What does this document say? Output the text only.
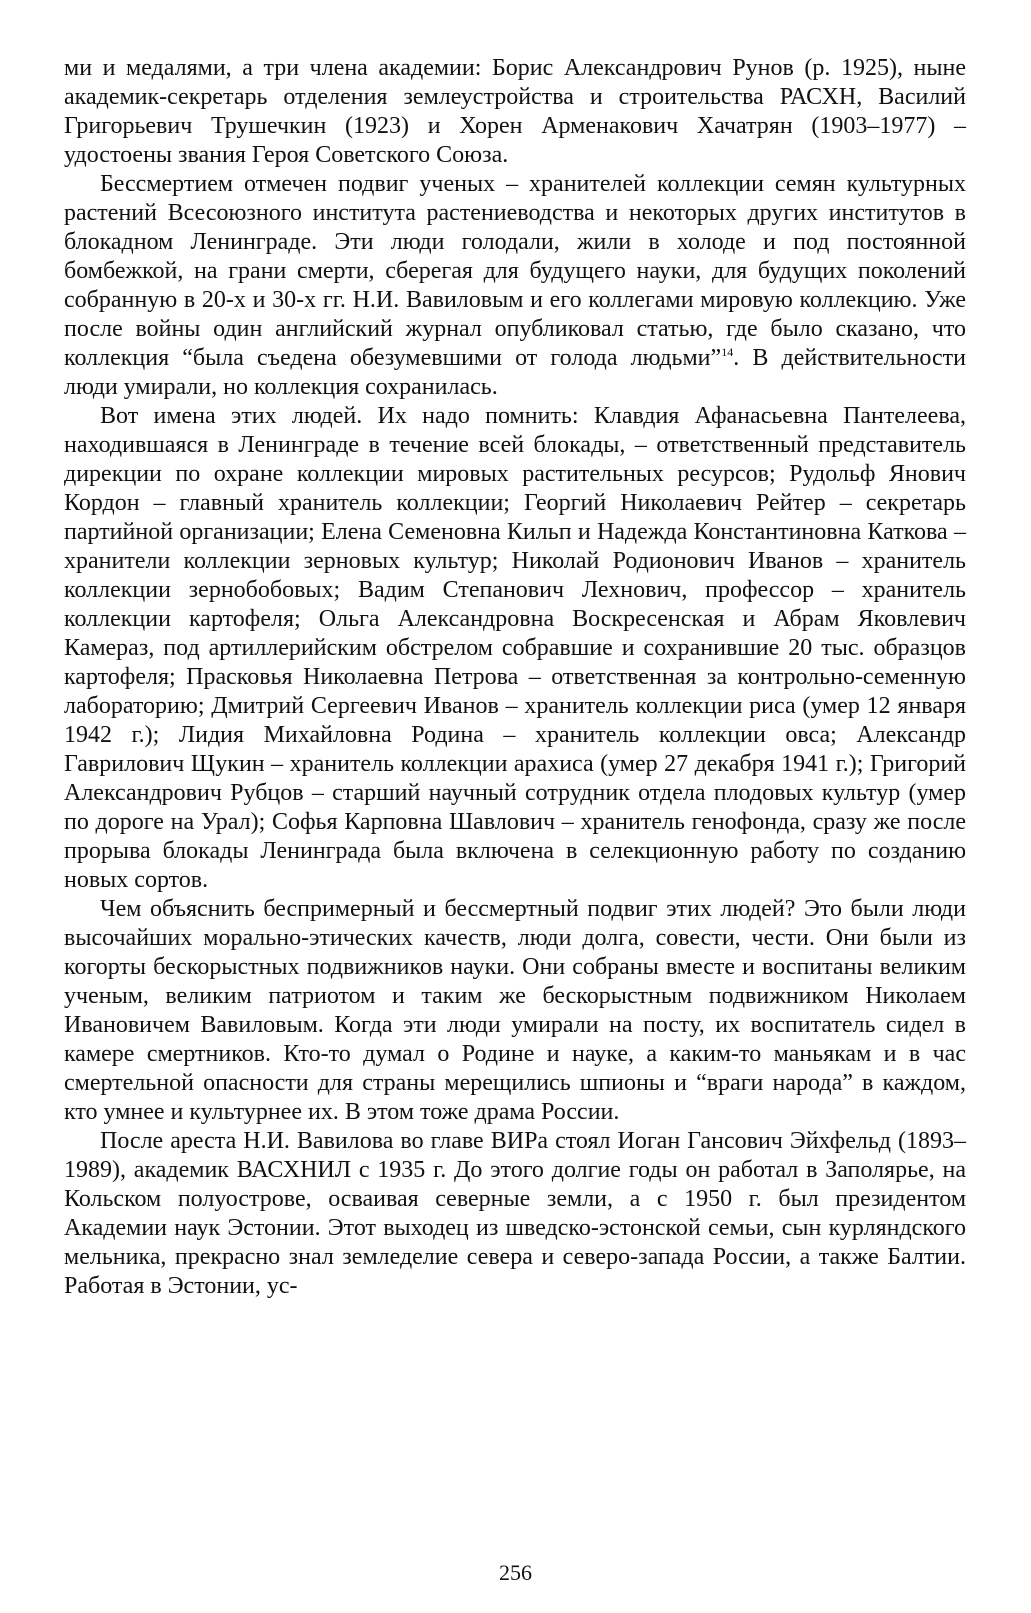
ми и медалями, а три члена академии: Борис Александрович Рунов (р. 1925), ныне академик-секретарь отделения землеустройства и строительства РАСХН, Василий Григорьевич Трушечкин (1923) и Хорен Арменакович Хачатрян (1903–1977) – удостоены звания Героя Советского Союза.

Бессмертием отмечен подвиг ученых – хранителей коллекции семян культурных растений Всесоюзного института растениеводства и некоторых других институтов в блокадном Ленинграде. Эти люди голодали, жили в холоде и под постоянной бомбежкой, на грани смерти, сберегая для будущего науки, для будущих поколений собранную в 20-х и 30-х гг. Н.И. Вавиловым и его коллегами мировую коллекцию. Уже после войны один английский журнал опубликовал статью, где было сказано, что коллекция “была съедена обезумевшими от голода людьми”$^{14}$. В действительности люди умирали, но коллекция сохранилась.

Вот имена этих людей. Их надо помнить: Клавдия Афанасьевна Пантелеева, находившаяся в Ленинграде в течение всей блокады, – ответственный представитель дирекции по охране коллекции мировых растительных ресурсов; Рудольф Янович Кордон – главный хранитель коллекции; Георгий Николаевич Рейтер – секретарь партийной организации; Елена Семеновна Кильп и Надежда Константиновна Каткова – хранители коллекции зерновых культур; Николай Родионович Иванов – хранитель коллекции зернобобовых; Вадим Степанович Лехнович, профессор – хранитель коллекции картофеля; Ольга Александровна Воскресенская и Абрам Яковлевич Камераз, под артиллерийским обстрелом собравшие и сохранившие 20 тыс. образцов картофеля; Прасковья Николаевна Петрова – ответственная за контрольно-семенную лабораторию; Дмитрий Сергеевич Иванов – хранитель коллекции риса (умер 12 января 1942 г.); Лидия Михайловна Родина – хранитель коллекции овса; Александр Гаврилович Щукин – хранитель коллекции арахиса (умер 27 декабря 1941 г.); Григорий Александрович Рубцов – старший научный сотрудник отдела плодовых культур (умер по дороге на Урал); Софья Карповна Шавлович – хранитель генофонда, сразу же после прорыва блокады Ленинграда была включена в селекционную работу по созданию новых сортов.

Чем объяснить беспримерный и бессмертный подвиг этих людей? Это были люди высочайших морально-этических качеств, люди долга, совести, чести. Они были из когорты бескорыстных подвижников науки. Они собраны вместе и воспитаны великим ученым, великим патриотом и таким же бескорыстным подвижником Николаем Ивановичем Вавиловым. Когда эти люди умирали на посту, их воспитатель сидел в камере смертников. Кто-то думал о Родине и науке, а каким-то маньякам и в час смертельной опасности для страны мерещились шпионы и “враги народа” в каждом, кто умнее и культурнее их. В этом тоже драма России.

После ареста Н.И. Вавилова во главе ВИРа стоял Иоган Гансович Эйхфельд (1893–1989), академик ВАСХНИЛ с 1935 г. До этого долгие годы он работал в Заполярье, на Кольском полуострове, осваивая северные земли, а с 1950 г. был президентом Академии наук Эстонии. Этот выходец из шведско-эстонской семьи, сын курляндского мельника, прекрасно знал земледелие севера и северо-запада России, а также Балтии. Работая в Эстонии, ус-

256
